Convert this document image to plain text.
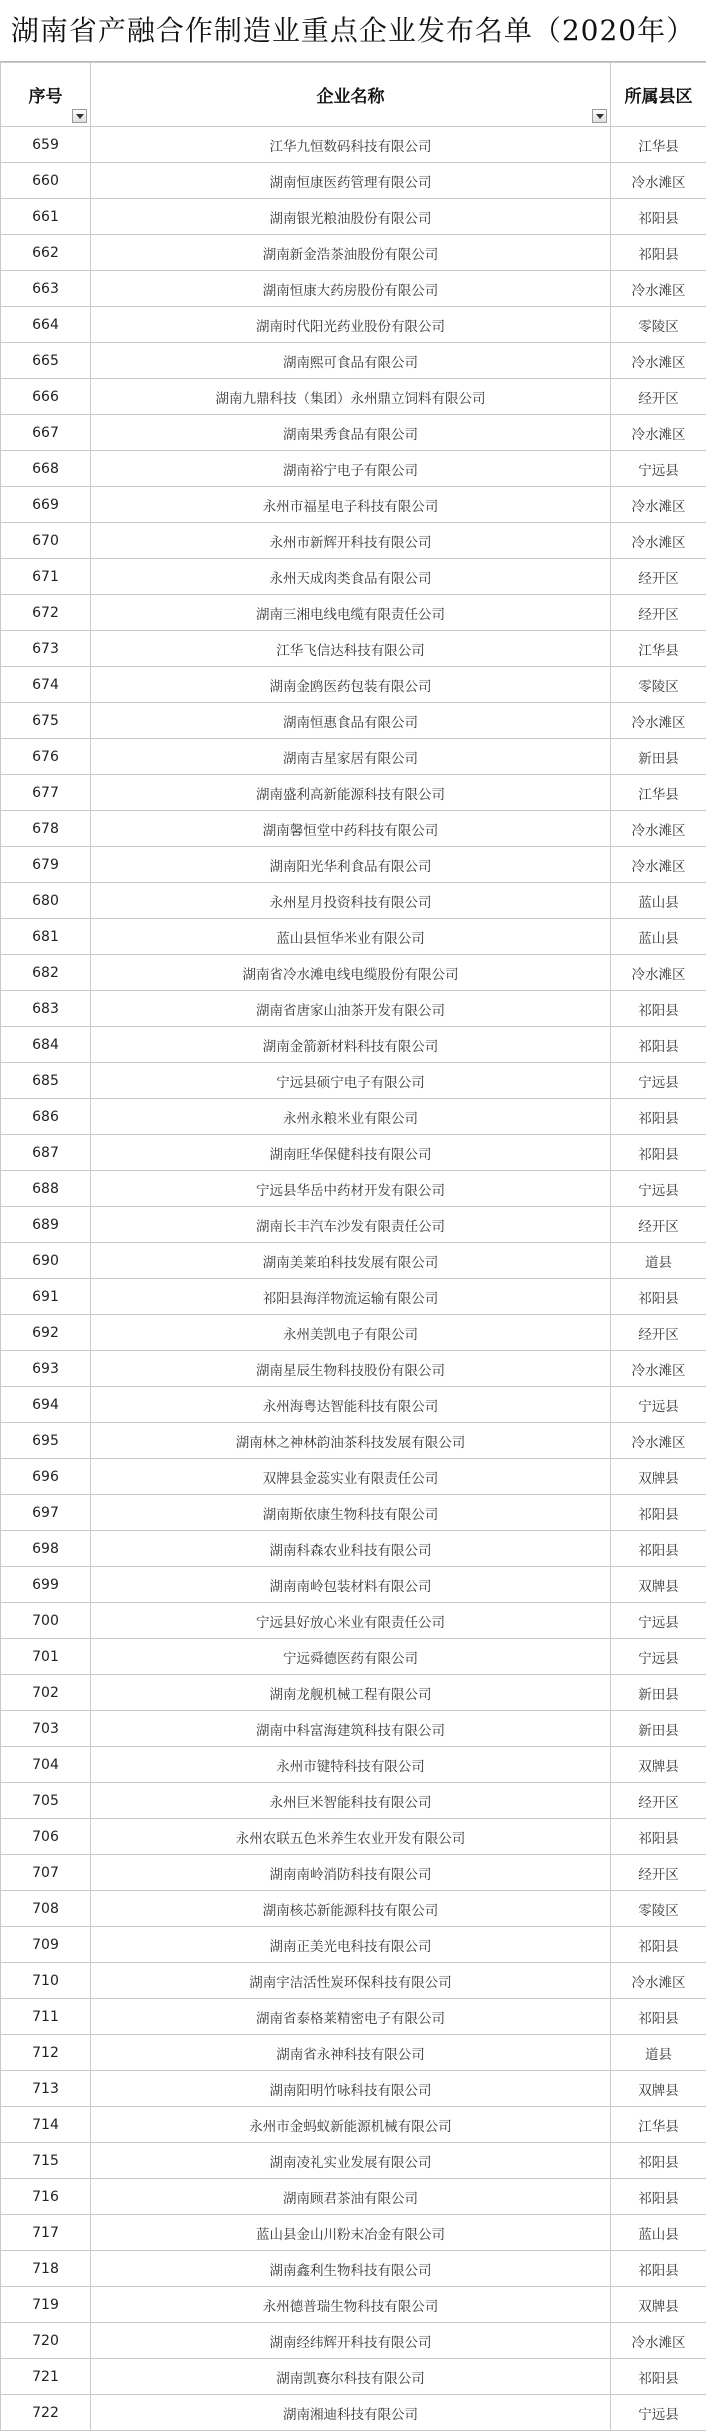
湖南省产融合作制造业重点企业发布名单（2020年）
序号	企业名称	所属县区
659	江华九恒数码科技有限公司	江华县
660	湖南恒康医药管理有限公司	冷水滩区
661	湖南银光粮油股份有限公司	祁阳县
662	湖南新金浩茶油股份有限公司	祁阳县
663	湖南恒康大药房股份有限公司	冷水滩区
664	湖南时代阳光药业股份有限公司	零陵区
665	湖南熙可食品有限公司	冷水滩区
666	湖南九鼎科技（集团）永州鼎立饲料有限公司	经开区
667	湖南果秀食品有限公司	冷水滩区
668	湖南裕宁电子有限公司	宁远县
669	永州市福星电子科技有限公司	冷水滩区
670	永州市新辉开科技有限公司	冷水滩区
671	永州天成肉类食品有限公司	经开区
672	湖南三湘电线电缆有限责任公司	经开区
673	江华飞信达科技有限公司	江华县
674	湖南金鸥医药包装有限公司	零陵区
675	湖南恒惠食品有限公司	冷水滩区
676	湖南吉星家居有限公司	新田县
677	湖南盛利高新能源科技有限公司	江华县
678	湖南馨恒堂中药科技有限公司	冷水滩区
679	湖南阳光华利食品有限公司	冷水滩区
680	永州星月投资科技有限公司	蓝山县
681	蓝山县恒华米业有限公司	蓝山县
682	湖南省冷水滩电线电缆股份有限公司	冷水滩区
683	湖南省唐家山油茶开发有限公司	祁阳县
684	湖南金箭新材料科技有限公司	祁阳县
685	宁远县硕宁电子有限公司	宁远县
686	永州永粮米业有限公司	祁阳县
687	湖南旺华保健科技有限公司	祁阳县
688	宁远县华岳中药材开发有限公司	宁远县
689	湖南长丰汽车沙发有限责任公司	经开区
690	湖南美莱珀科技发展有限公司	道县
691	祁阳县海洋物流运输有限公司	祁阳县
692	永州美凯电子有限公司	经开区
693	湖南星辰生物科技股份有限公司	冷水滩区
694	永州海粤达智能科技有限公司	宁远县
695	湖南林之神林韵油茶科技发展有限公司	冷水滩区
696	双牌县金蕊实业有限责任公司	双牌县
697	湖南斯依康生物科技有限公司	祁阳县
698	湖南科森农业科技有限公司	祁阳县
699	湖南南岭包装材料有限公司	双牌县
700	宁远县好放心米业有限责任公司	宁远县
701	宁远舜德医药有限公司	宁远县
702	湖南龙舰机械工程有限公司	新田县
703	湖南中科富海建筑科技有限公司	新田县
704	永州市键特科技有限公司	双牌县
705	永州巨米智能科技有限公司	经开区
706	永州农联五色米养生农业开发有限公司	祁阳县
707	湖南南岭消防科技有限公司	经开区
708	湖南核芯新能源科技有限公司	零陵区
709	湖南正美光电科技有限公司	祁阳县
710	湖南宇洁活性炭环保科技有限公司	冷水滩区
711	湖南省泰格莱精密电子有限公司	祁阳县
712	湖南省永神科技有限公司	道县
713	湖南阳明竹咏科技有限公司	双牌县
714	永州市金蚂蚁新能源机械有限公司	江华县
715	湖南凌礼实业发展有限公司	祁阳县
716	湖南顾君茶油有限公司	祁阳县
717	蓝山县金山川粉末冶金有限公司	蓝山县
718	湖南鑫利生物科技有限公司	祁阳县
719	永州德普瑞生物科技有限公司	双牌县
720	湖南经纬辉开科技有限公司	冷水滩区
721	湖南凯赛尔科技有限公司	祁阳县
722	湖南湘迪科技有限公司	宁远县
